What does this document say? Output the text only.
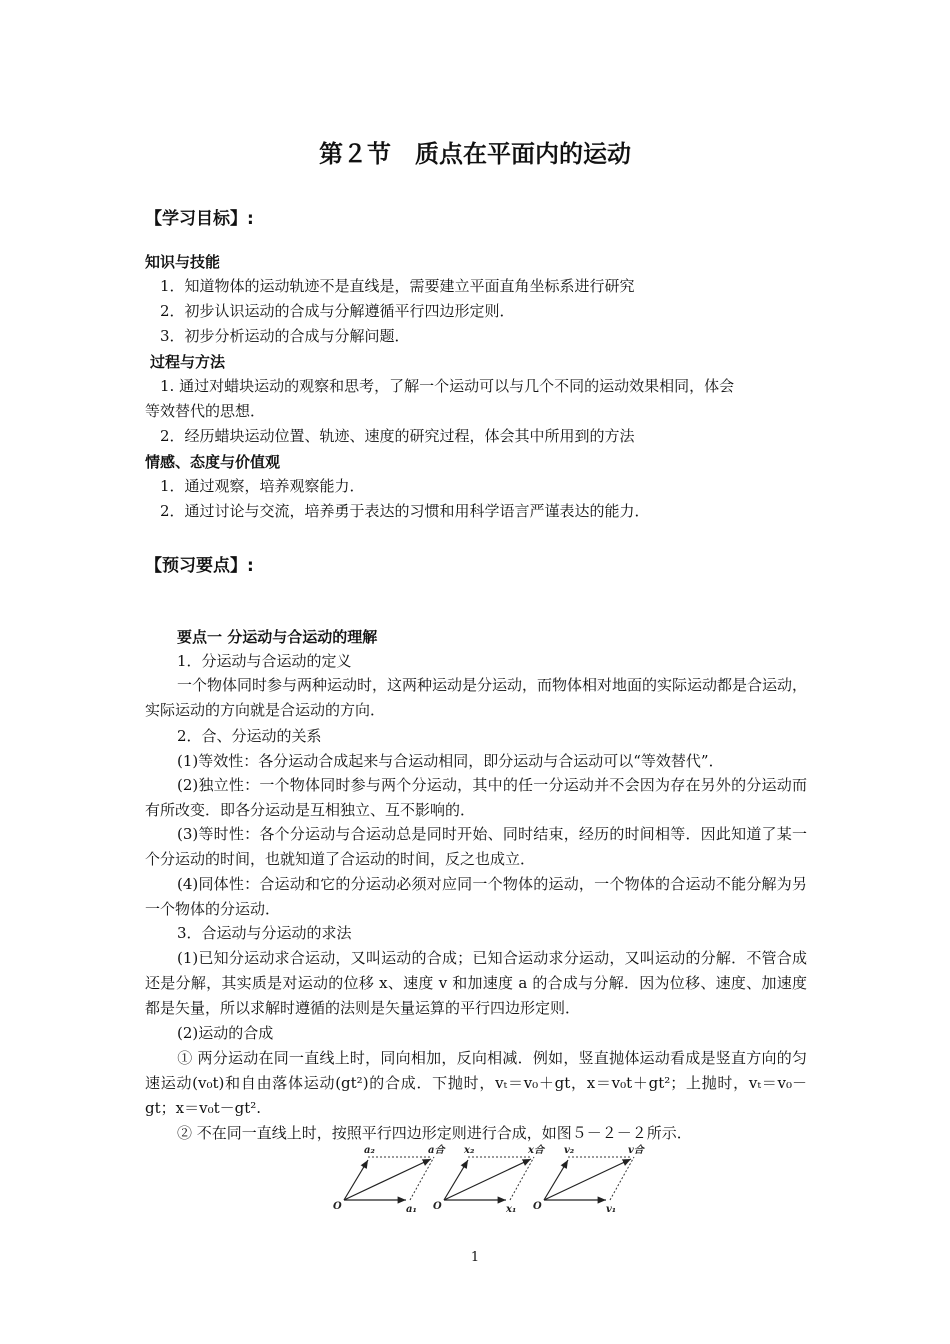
第２节　质点在平面内的运动
【学习目标】:
知识与技能
1．知道物体的运动轨迹不是直线是，需要建立平面直角坐标系进行研究
2．初步认识运动的合成与分解遵循平行四边形定则．
3．初步分析运动的合成与分解问题．
过程与方法
1. 通过对蜡块运动的观察和思考，了解一个运动可以与几个不同的运动效果相同，体会
等效替代的思想．
2．经历蜡块运动位置、轨迹、速度的研究过程，体会其中所用到的方法
情感、态度与价值观
1．通过观察，培养观察能力．
2．通过讨论与交流，培养勇于表达的习惯和用科学语言严谨表达的能力．
【预习要点】:
要点一 分运动与合运动的理解
1．分运动与合运动的定义
一个物体同时参与两种运动时，这两种运动是分运动，而物体相对地面的实际运动都是合运动，实际运动的方向就是合运动的方向．
2．合、分运动的关系
(1)等效性：各分运动合成起来与合运动相同，即分运动与合运动可以“等效替代”．
(2)独立性：一个物体同时参与两个分运动，其中的任一分运动并不会因为存在另外的分运动而有所改变．即各分运动是互相独立、互不影响的．
(3)等时性：各个分运动与合运动总是同时开始、同时结束，经历的时间相等．因此知道了某一个分运动的时间，也就知道了合运动的时间，反之也成立．
(4)同体性：合运动和它的分运动必须对应同一个物体的运动，一个物体的合运动不能分解为另一个物体的分运动．
3．合运动与分运动的求法
(1)已知分运动求合运动，又叫运动的合成；已知合运动求分运动，又叫运动的分解．不管合成还是分解，其实质是对运动的位移 x、速度 v 和加速度 a 的合成与分解．因为位移、速度、加速度都是矢量，所以求解时遵循的法则是矢量运算的平行四边形定则．
(2)运动的合成
① 两分运动在同一直线上时，同向相加，反向相减．例如，竖直抛体运动看成是竖直方向的匀速运动(v₀t)和自由落体运动(gt²)的合成．下抛时，vₜ＝v₀＋gt，x＝v₀t＋gt²；上抛时，vₜ＝v₀－gt；x＝v₀t－gt².
② 不在同一直线上时，按照平行四边形定则进行合成，如图５－２－２所示．
O
a₂
a₁
a合
O
x₂
x₁
x合
O
v₂
v₁
v合
1
